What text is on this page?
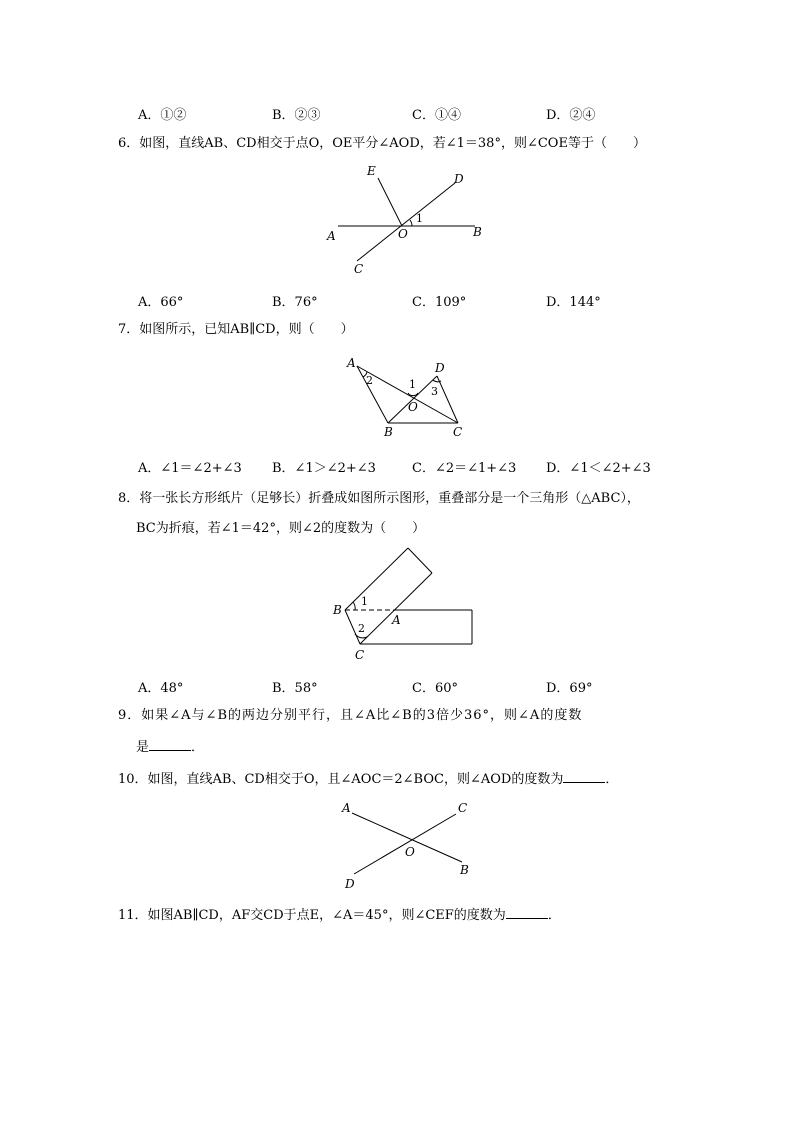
A．①②	B．②③	C．①④	D．②④
6．如图，直线AB、CD相交于点O，OE平分∠AOD，若∠1＝38°，则∠COE等于（　　）
E
D
A	O	B
C
1
A．66°	B．76°	C．109°	D．144°
7．如图所示，已知AB∥CD，则（　　）
A	D
O
B	C
1
2
3
A．∠1＝∠2+∠3 B．∠1＞∠2+∠3	C．∠2＝∠1+∠3 D．∠1＜∠2+∠3
8．将一张长方形纸片（足够长）折叠成如图所示图形，重叠部分是一个三角形（△ABC），
BC为折痕，若∠1＝42°，则∠2的度数为（　　）
B
A
C
1
2
A．48°	B．58°	C．60°	D．69°
9．如果∠A与∠B的两边分别平行，且∠A比∠B的3倍少36°，则∠A的度数
是	．
10．如图，直线AB、CD相交于O，且∠AOC＝2∠BOC，则∠AOD的度数为	．
A	C
O
D
B
11．如图AB∥CD，AF交CD于点E，∠A＝45°，则∠CEF的度数为	．
